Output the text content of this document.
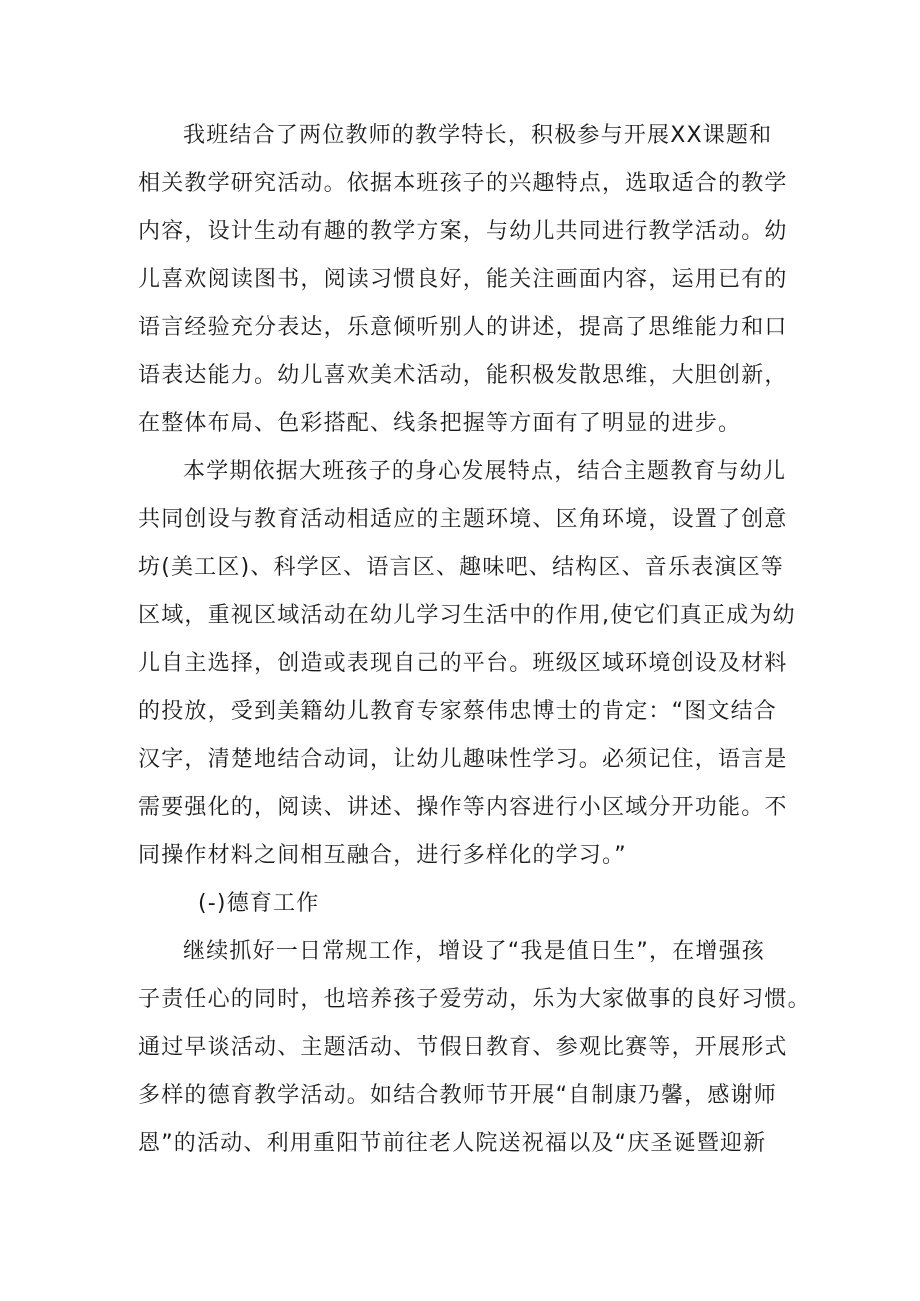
我班结合了两位教师的教学特长，积极参与开展XX课题和
相关教学研究活动。依据本班孩子的兴趣特点，选取适合的教学
内容，设计生动有趣的教学方案，与幼儿共同进行教学活动。幼
儿喜欢阅读图书，阅读习惯良好，能关注画面内容，运用已有的
语言经验充分表达，乐意倾听别人的讲述，提高了思维能力和口
语表达能力。幼儿喜欢美术活动，能积极发散思维，大胆创新，
在整体布局、色彩搭配、线条把握等方面有了明显的进步。
本学期依据大班孩子的身心发展特点，结合主题教育与幼儿
共同创设与教育活动相适应的主题环境、区角环境，设置了创意
坊(美工区)、科学区、语言区、趣味吧、结构区、音乐表演区等
区域，重视区域活动在幼儿学习生活中的作用,使它们真正成为幼
儿自主选择，创造或表现自己的平台。班级区域环境创设及材料
的投放，受到美籍幼儿教育专家蔡伟忠博士的肯定：“图文结合
汉字，清楚地结合动词，让幼儿趣味性学习。必须记住，语言是
需要强化的，阅读、讲述、操作等内容进行小区域分开功能。不
同操作材料之间相互融合，进行多样化的学习。”
(-)德育工作
继续抓好一日常规工作，增设了“我是值日生”，在增强孩
子责任心的同时，也培养孩子爱劳动，乐为大家做事的良好习惯。
通过早谈活动、主题活动、节假日教育、参观比赛等，开展形式
多样的德育教学活动。如结合教师节开展“自制康乃馨，感谢师
恩”的活动、利用重阳节前往老人院送祝福以及“庆圣诞暨迎新
